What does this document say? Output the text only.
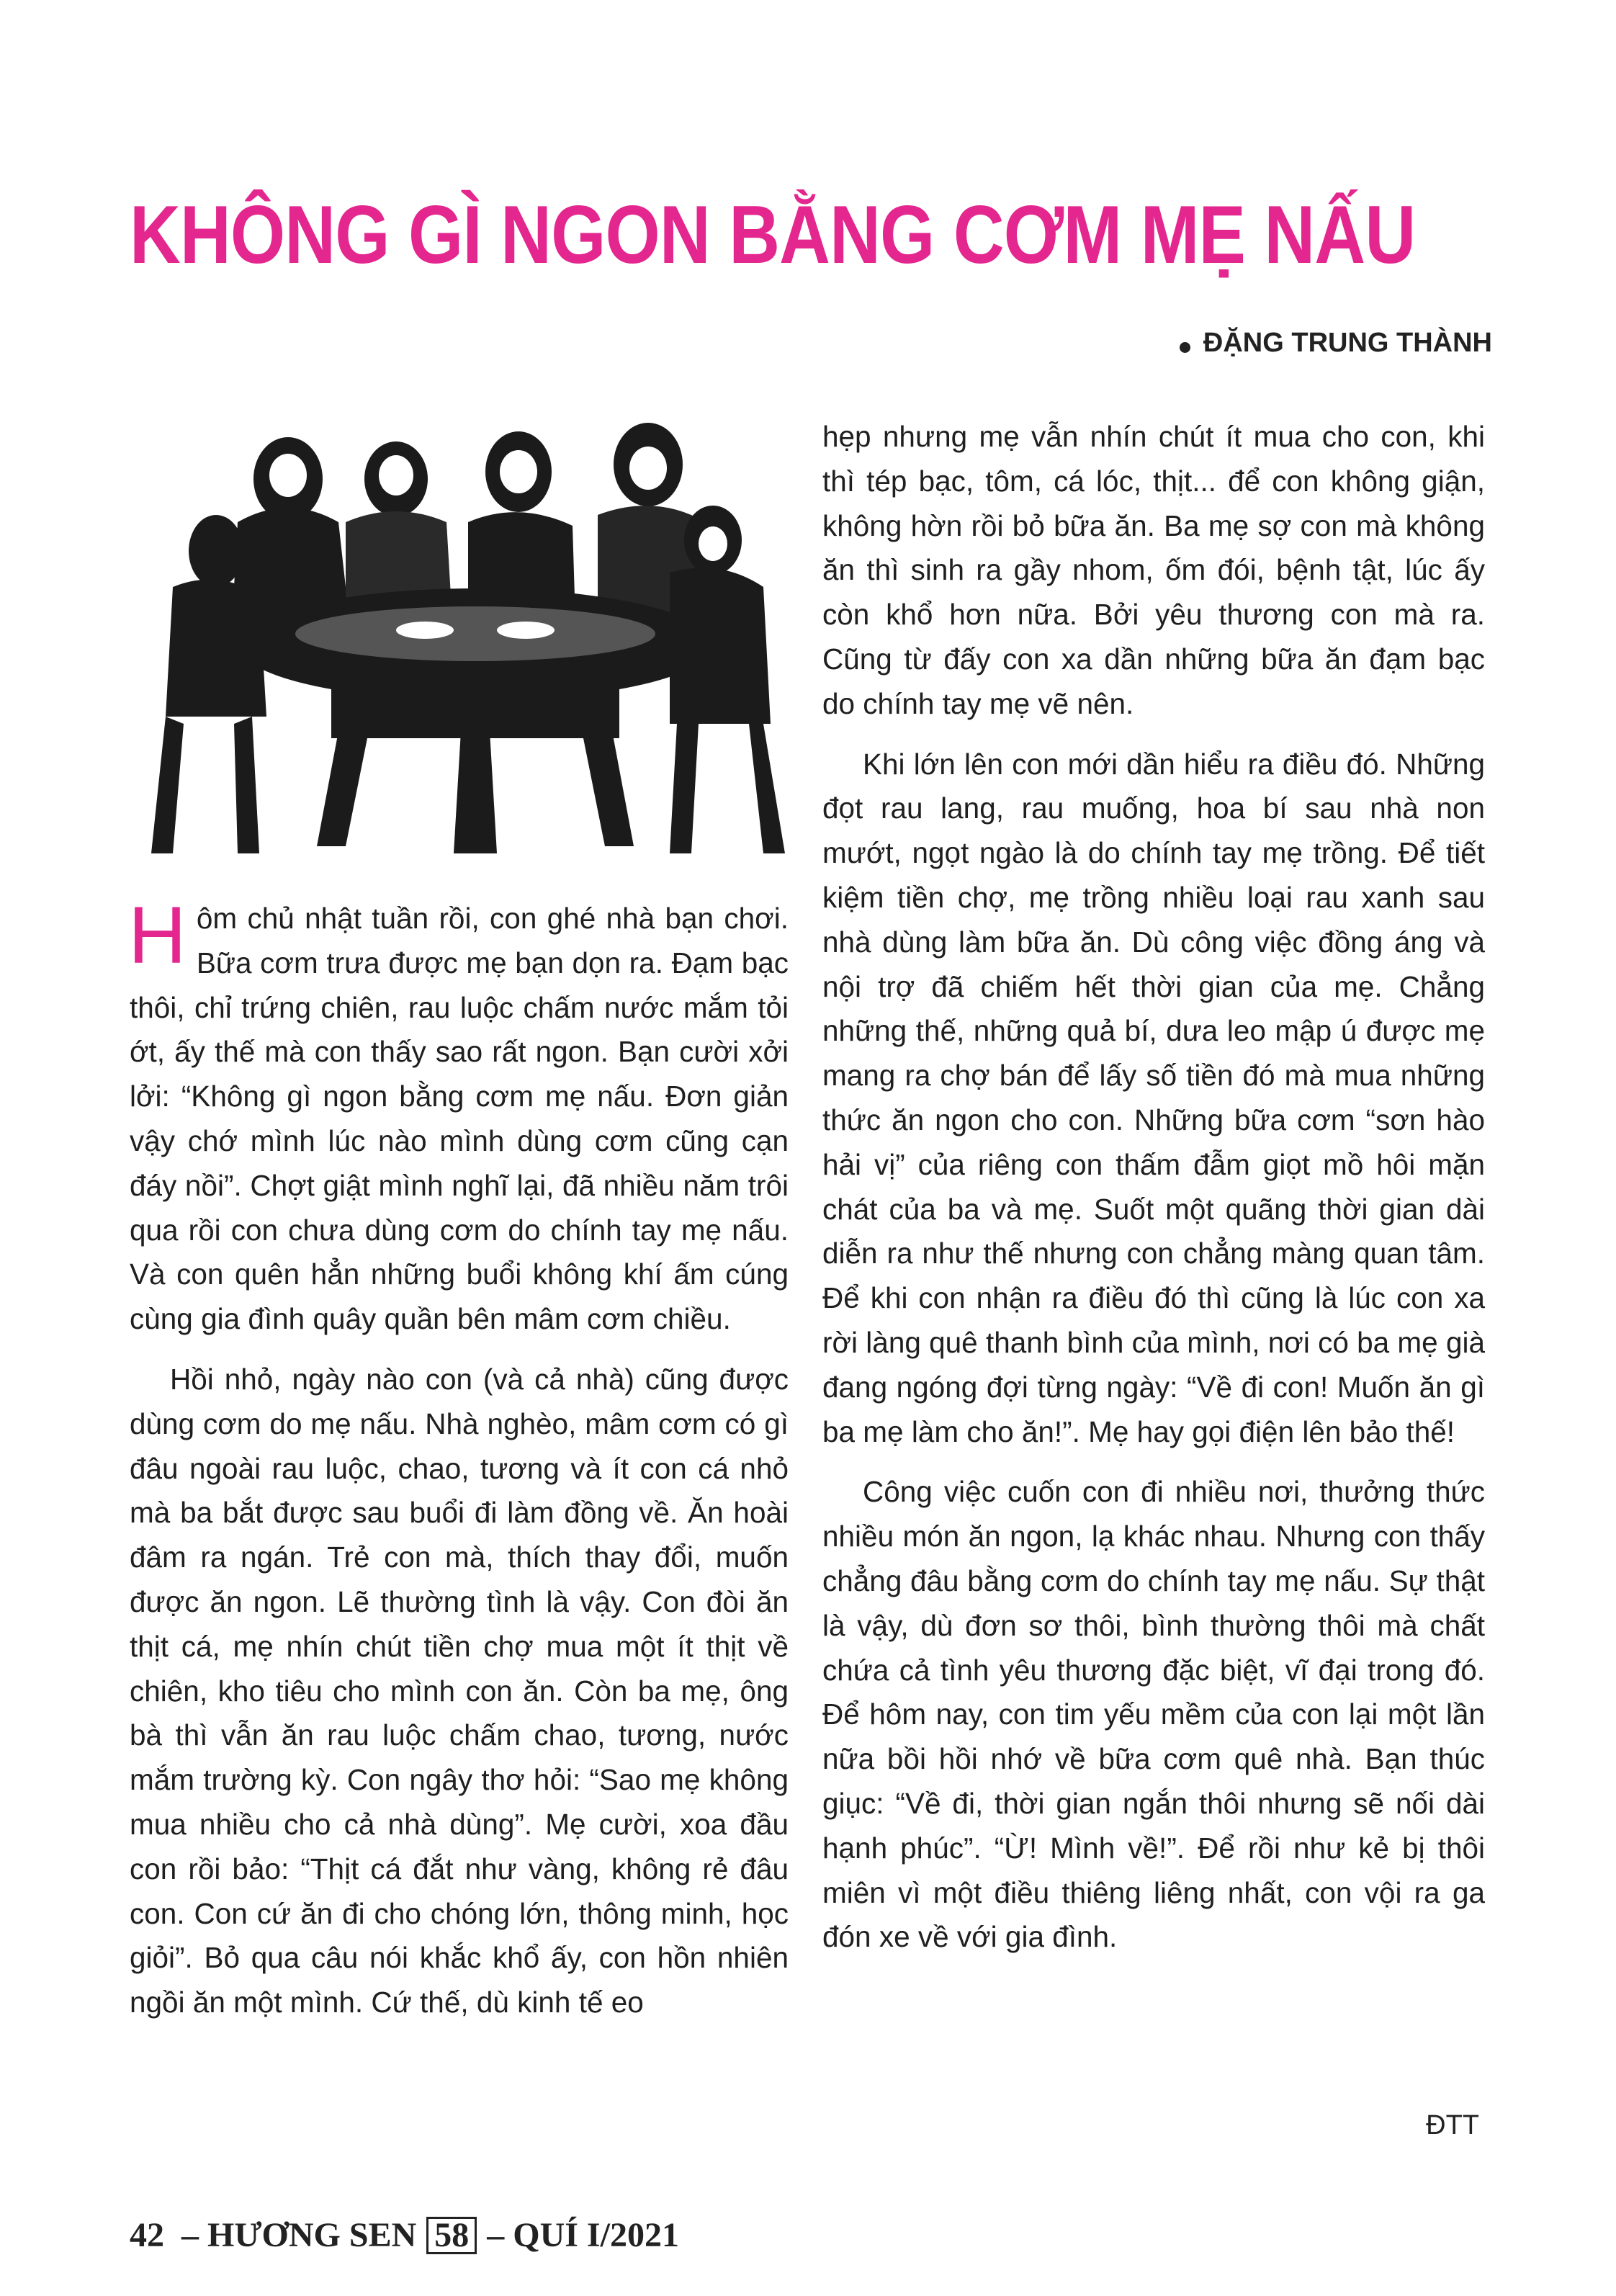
KHÔNG GÌ NGON BẰNG CƠM MẸ NẤU
ĐẶNG TRUNG THÀNH

Hôm chủ nhật tuần rồi, con ghé nhà bạn chơi. Bữa cơm trưa được mẹ bạn dọn ra. Đạm bạc thôi, chỉ trứng chiên, rau luộc chấm nước mắm tỏi ớt, ấy thế mà con thấy sao rất ngon. Bạn cười xởi lởi: “Không gì ngon bằng cơm mẹ nấu. Đơn giản vậy chớ mình lúc nào mình dùng cơm cũng cạn đáy nồi”. Chợt giật mình nghĩ lại, đã nhiều năm trôi qua rồi con chưa dùng cơm do chính tay mẹ nấu. Và con quên hẳn những buổi không khí ấm cúng cùng gia đình quây quần bên mâm cơm chiều.

Hồi nhỏ, ngày nào con (và cả nhà) cũng được dùng cơm do mẹ nấu. Nhà nghèo, mâm cơm có gì đâu ngoài rau luộc, chao, tương và ít con cá nhỏ mà ba bắt được sau buổi đi làm đồng về. Ăn hoài đâm ra ngán. Trẻ con mà, thích thay đổi, muốn được ăn ngon. Lẽ thường tình là vậy. Con đòi ăn thịt cá, mẹ nhín chút tiền chợ mua một ít thịt về chiên, kho tiêu cho mình con ăn. Còn ba mẹ, ông bà thì vẫn ăn rau luộc chấm chao, tương, nước mắm trường kỳ. Con ngây thơ hỏi: “Sao mẹ không mua nhiều cho cả nhà dùng”. Mẹ cười, xoa đầu con rồi bảo: “Thịt cá đắt như vàng, không rẻ đâu con. Con cứ ăn đi cho chóng lớn, thông minh, học giỏi”. Bỏ qua câu nói khắc khổ ấy, con hồn nhiên ngồi ăn một mình. Cứ thế, dù kinh tế eo

hẹp nhưng mẹ vẫn nhín chút ít mua cho con, khi thì tép bạc, tôm, cá lóc, thịt... để con không giận, không hờn rồi bỏ bữa ăn. Ba mẹ sợ con mà không ăn thì sinh ra gầy nhom, ốm đói, bệnh tật, lúc ấy còn khổ hơn nữa. Bởi yêu thương con mà ra. Cũng từ đấy con xa dần những bữa ăn đạm bạc do chính tay mẹ vẽ nên.

Khi lớn lên con mới dần hiểu ra điều đó. Những đọt rau lang, rau muống, hoa bí sau nhà non mướt, ngọt ngào là do chính tay mẹ trồng. Để tiết kiệm tiền chợ, mẹ trồng nhiều loại rau xanh sau nhà dùng làm bữa ăn. Dù công việc đồng áng và nội trợ đã chiếm hết thời gian của mẹ. Chẳng những thế, những quả bí, dưa leo mập ú được mẹ mang ra chợ bán để lấy số tiền đó mà mua những thức ăn ngon cho con. Những bữa cơm “sơn hào hải vị” của riêng con thấm đẫm giọt mồ hôi mặn chát của ba và mẹ. Suốt một quãng thời gian dài diễn ra như thế nhưng con chẳng màng quan tâm. Để khi con nhận ra điều đó thì cũng là lúc con xa rời làng quê thanh bình của mình, nơi có ba mẹ già đang ngóng đợi từng ngày: “Về đi con! Muốn ăn gì ba mẹ làm cho ăn!”. Mẹ hay gọi điện lên bảo thế!

Công việc cuốn con đi nhiều nơi, thưởng thức nhiều món ăn ngon, lạ khác nhau. Nhưng con thấy chẳng đâu bằng cơm do chính tay mẹ nấu. Sự thật là vậy, dù đơn sơ thôi, bình thường thôi mà chất chứa cả tình yêu thương đặc biệt, vĩ đại trong đó. Để hôm nay, con tim yếu mềm của con lại một lần nữa bồi hồi nhớ về bữa cơm quê nhà. Bạn thúc giục: “Về đi, thời gian ngắn thôi nhưng sẽ nối dài hạnh phúc”. “Ừ! Mình về!”. Để rồi như kẻ bị thôi miên vì một điều thiêng liêng nhất, con vội ra ga đón xe về với gia đình.

ĐTT
42
–
HƯƠNG SEN
58
–
QUÍ I/2021
